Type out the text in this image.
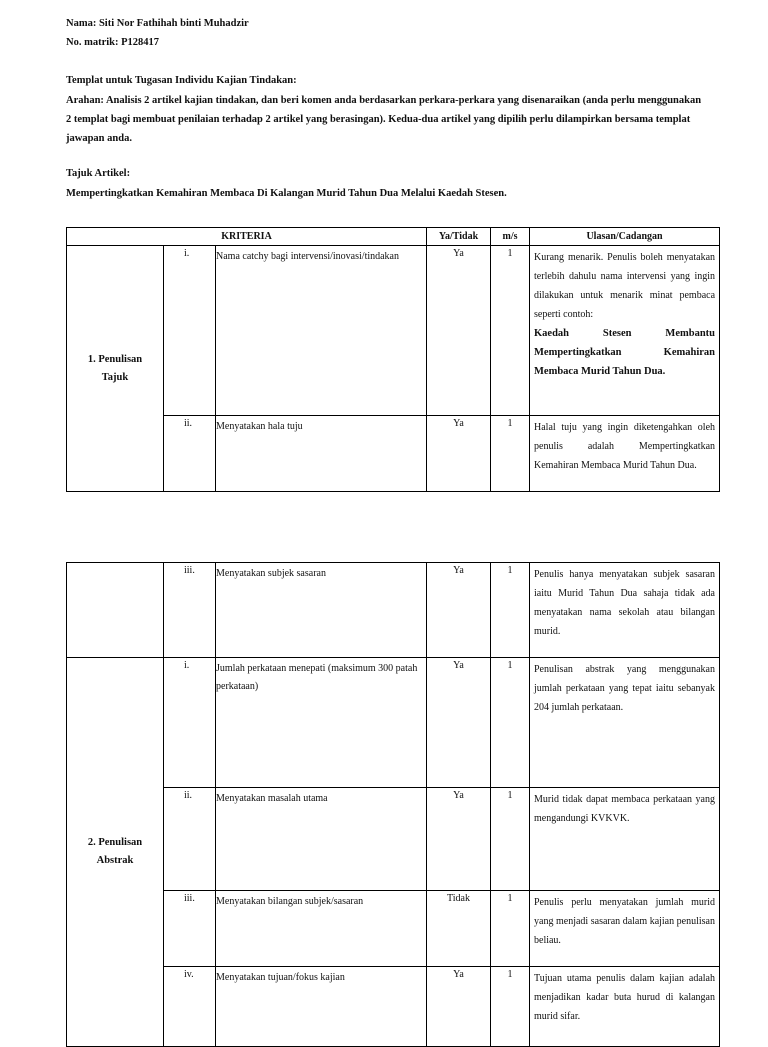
Nama: Siti Nor Fathihah binti Muhadzir
No. matrik: P128417
Templat untuk Tugasan Individu Kajian Tindakan:
Arahan: Analisis 2 artikel kajian tindakan, dan beri komen anda berdasarkan perkara-perkara yang disenaraikan (anda perlu menggunakan 2 templat bagi membuat penilaian terhadap 2 artikel yang berasingan). Kedua-dua artikel yang dipilih perlu dilampirkan bersama templat jawapan anda.
Tajuk Artikel:
Mempertingkatkan Kemahiran Membaca Di Kalangan Murid Tahun Dua Melalui Kaedah Stesen.
KRITERIA			Ya/Tidak	m/s	Ulasan/Cadangan
1. Penulisan Tajuk	i.	Nama catchy bagi intervensi/inovasi/tindakan	Ya	1	Kurang menarik. Penulis boleh menyatakan terlebih dahulu nama intervensi yang ingin dilakukan untuk menarik minat pembaca seperti contoh:
Kaedah Stesen Membantu Mempertingkatkan Kemahiran Membaca Murid Tahun Dua.

	ii.	Menyatakan hala tuju	Ya	1	Halal tuju yang ingin diketengahkan oleh penulis adalah Mempertingkatkan Kemahiran Membaca Murid Tahun Dua.
	iii.	Menyatakan subjek sasaran	Ya	1	Penulis hanya menyatakan subjek sasaran iaitu Murid Tahun Dua sahaja tidak ada menyatakan nama sekolah atau bilangan murid.
2. Penulisan Abstrak	i.	Jumlah perkataan menepati (maksimum 300 patah perkataan)	Ya	1	Penulisan abstrak yang menggunakan jumlah perkataan yang tepat iaitu sebanyak 204 jumlah perkataan.
	ii.	Menyatakan masalah utama	Ya	1	Murid tidak dapat membaca perkataan yang mengandungi KVKVK.
	iii.	Menyatakan bilangan subjek/sasaran	Tidak	1	Penulis perlu menyatakan jumlah murid yang menjadi sasaran dalam kajian penulisan beliau.
	iv.	Menyatakan tujuan/fokus kajian	Ya	1	Tujuan utama penulis dalam kajian adalah menjadikan kadar buta hurud di kalangan murid sifar.
